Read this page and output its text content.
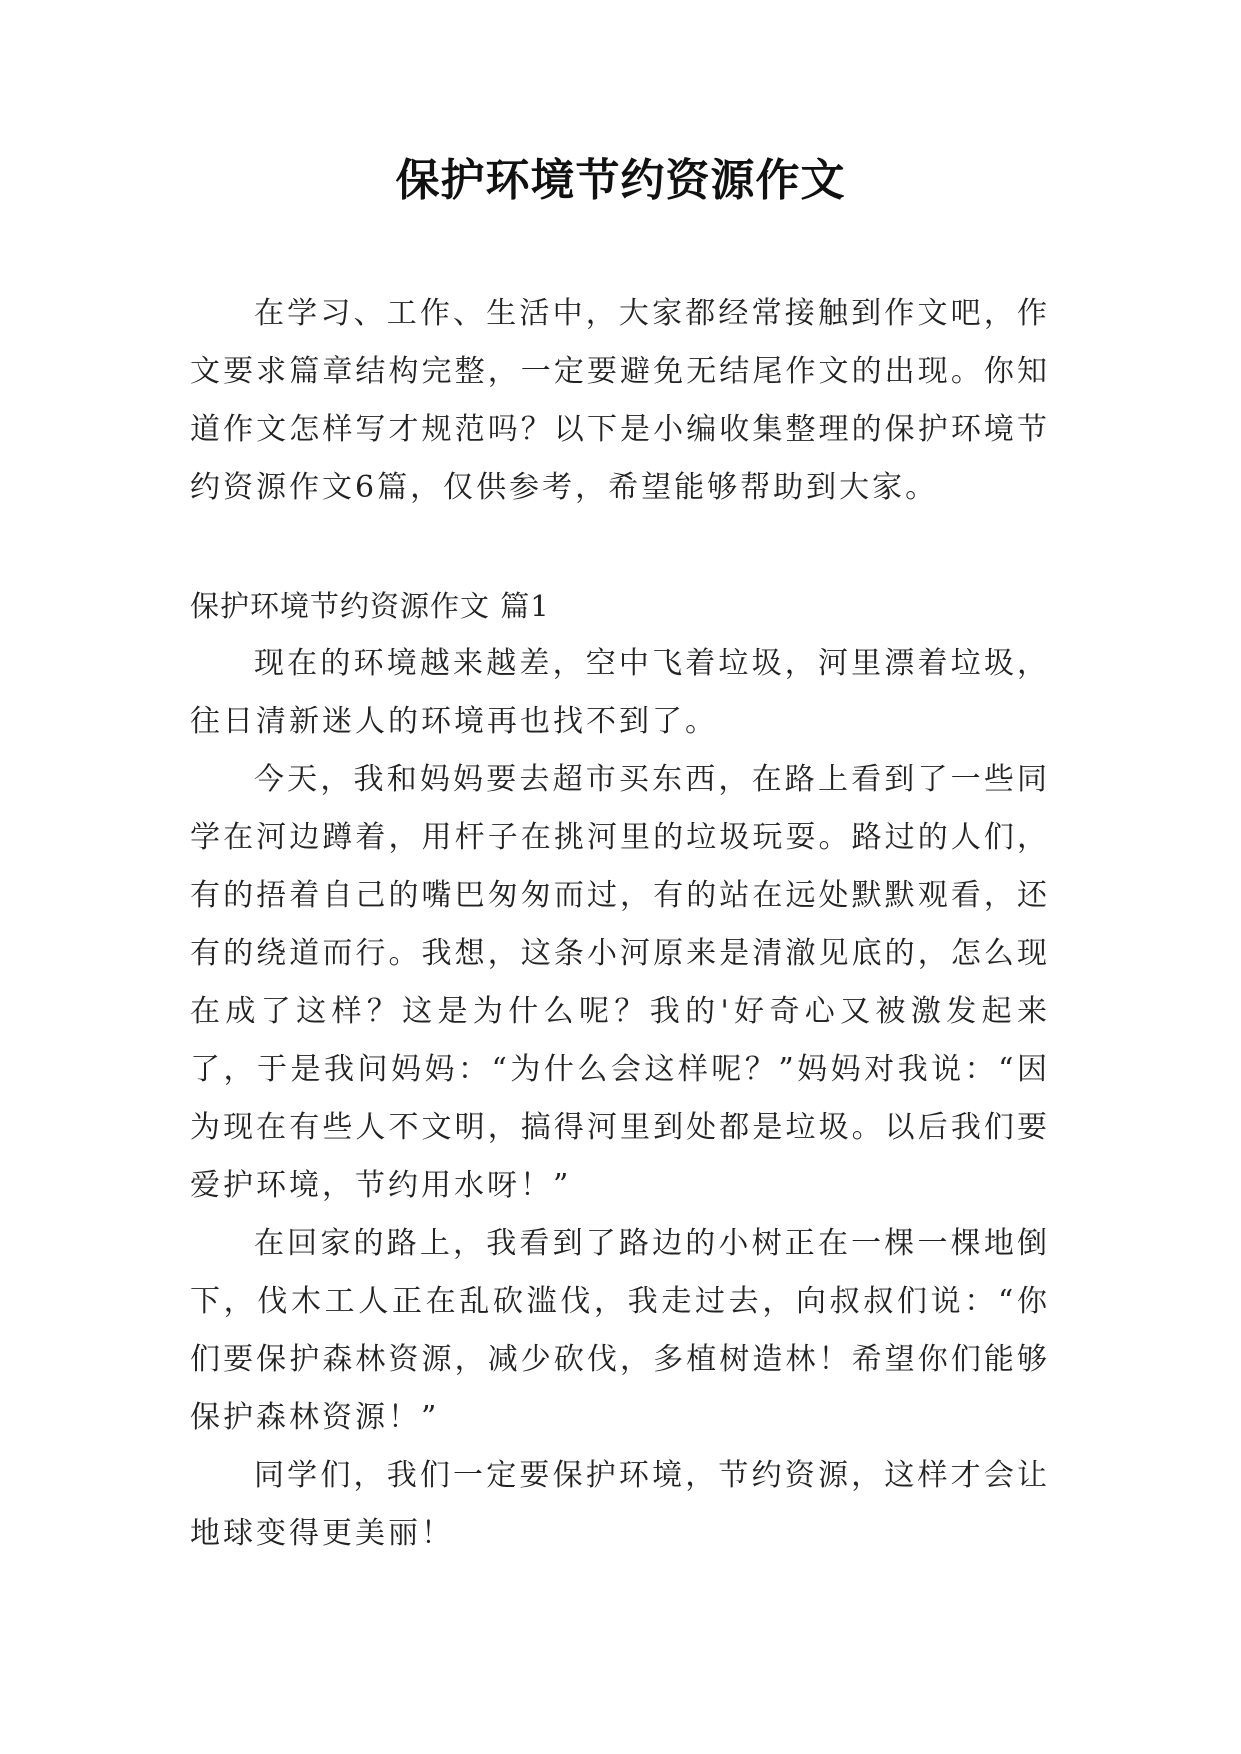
保护环境节约资源作文

在学习、工作、生活中，大家都经常接触到作文吧，作文要求篇章结构完整，一定要避免无结尾作文的出现。你知道作文怎样写才规范吗？以下是小编收集整理的保护环境节约资源作文6篇，仅供参考，希望能够帮助到大家。

保护环境节约资源作文 篇1

现在的环境越来越差，空中飞着垃圾，河里漂着垃圾，往日清新迷人的环境再也找不到了。

今天，我和妈妈要去超市买东西，在路上看到了一些同学在河边蹲着，用杆子在挑河里的垃圾玩耍。路过的人们，有的捂着自己的嘴巴匆匆而过，有的站在远处默默观看，还有的绕道而行。我想，这条小河原来是清澈见底的，怎么现在成了这样？这是为什么呢？我的'好奇心又被激发起来了，于是我问妈妈：“为什么会这样呢？”妈妈对我说：“因为现在有些人不文明，搞得河里到处都是垃圾。以后我们要爱护环境，节约用水呀！”

在回家的路上，我看到了路边的小树正在一棵一棵地倒下，伐木工人正在乱砍滥伐，我走过去，向叔叔们说：“你们要保护森林资源，减少砍伐，多植树造林！希望你们能够保护森林资源！”

同学们，我们一定要保护环境，节约资源，这样才会让地球变得更美丽！
